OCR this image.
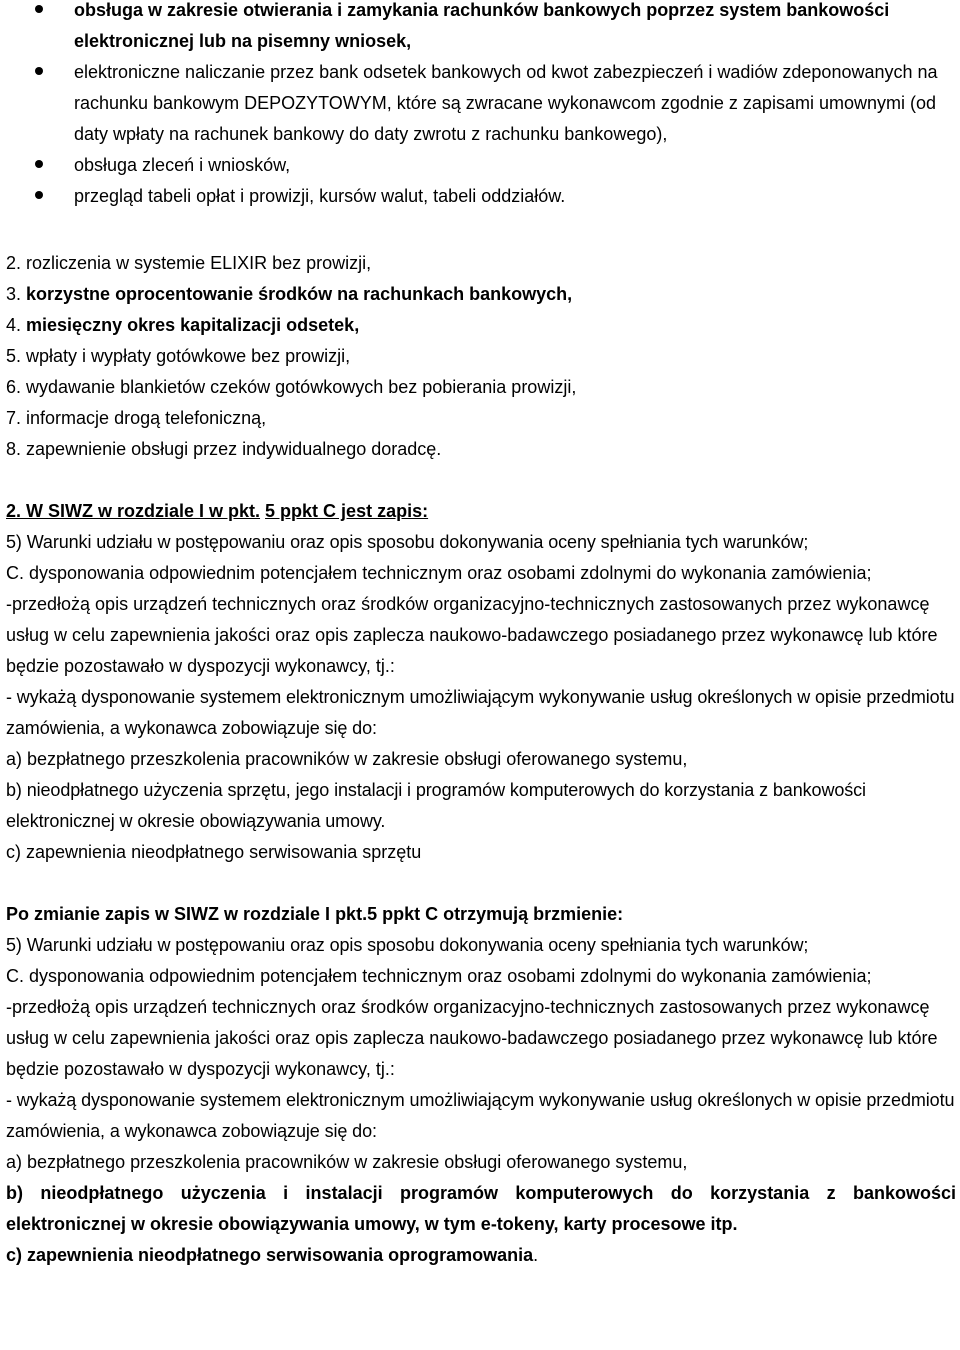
obsługa w zakresie otwierania i zamykania rachunków bankowych poprzez system bankowości elektronicznej lub na pisemny wniosek,
elektroniczne naliczanie przez bank odsetek bankowych od kwot zabezpieczeń i wadiów zdeponowanych na rachunku bankowym DEPOZYTOWYM, które są zwracane wykonawcom zgodnie z zapisami umownymi (od daty wpłaty na rachunek bankowy do daty zwrotu z rachunku bankowego),
obsługa zleceń i wniosków,
przegląd tabeli opłat i prowizji, kursów walut, tabeli oddziałów.
2. rozliczenia w systemie ELIXIR bez prowizji,
3. korzystne oprocentowanie środków na rachunkach bankowych,
4. miesięczny okres kapitalizacji odsetek,
5. wpłaty i wypłaty gotówkowe bez prowizji,
6. wydawanie blankietów czeków gotówkowych bez pobierania prowizji,
7. informacje drogą telefoniczną,
8. zapewnienie obsługi przez indywidualnego doradcę.

2. W SIWZ w rozdziale I w pkt. 5 ppkt C jest zapis:

5) Warunki udziału w postępowaniu oraz opis sposobu dokonywania oceny spełniania tych warunków;

C. dysponowania odpowiednim potencjałem technicznym oraz osobami zdolnymi do wykonania zamówienia;

-przedłożą opis urządzeń technicznych oraz środków organizacyjno-technicznych zastosowanych przez wykonawcę usług w celu zapewnienia jakości oraz opis zaplecza naukowo-badawczego posiadanego przez wykonawcę lub które będzie pozostawało w dyspozycji wykonawcy, tj.:

- wykażą dysponowanie systemem elektronicznym umożliwiającym wykonywanie usług określonych w opisie przedmiotu zamówienia, a wykonawca zobowiązuje się do:

a) bezpłatnego przeszkolenia pracowników w zakresie obsługi oferowanego systemu,

b) nieodpłatnego użyczenia sprzętu, jego instalacji i programów komputerowych do korzystania z bankowości elektronicznej w okresie obowiązywania umowy.

c) zapewnienia nieodpłatnego serwisowania sprzętu

Po zmianie zapis w SIWZ w rozdziale I pkt.5 ppkt C otrzymują brzmienie:

5) Warunki udziału w postępowaniu oraz opis sposobu dokonywania oceny spełniania tych warunków;

C. dysponowania odpowiednim potencjałem technicznym oraz osobami zdolnymi do wykonania zamówienia;

-przedłożą opis urządzeń technicznych oraz środków organizacyjno-technicznych zastosowanych przez wykonawcę usług w celu zapewnienia jakości oraz opis zaplecza naukowo-badawczego posiadanego przez wykonawcę lub które będzie pozostawało w dyspozycji wykonawcy, tj.:

- wykażą dysponowanie systemem elektronicznym umożliwiającym wykonywanie usług określonych w opisie przedmiotu zamówienia, a wykonawca zobowiązuje się do:

a) bezpłatnego przeszkolenia pracowników w zakresie obsługi oferowanego systemu,

b) nieodpłatnego użyczenia i instalacji programów komputerowych do korzystania z bankowości elektronicznej w okresie obowiązywania umowy, w tym e-tokeny, karty procesowe itp.

c) zapewnienia nieodpłatnego serwisowania oprogramowania.
